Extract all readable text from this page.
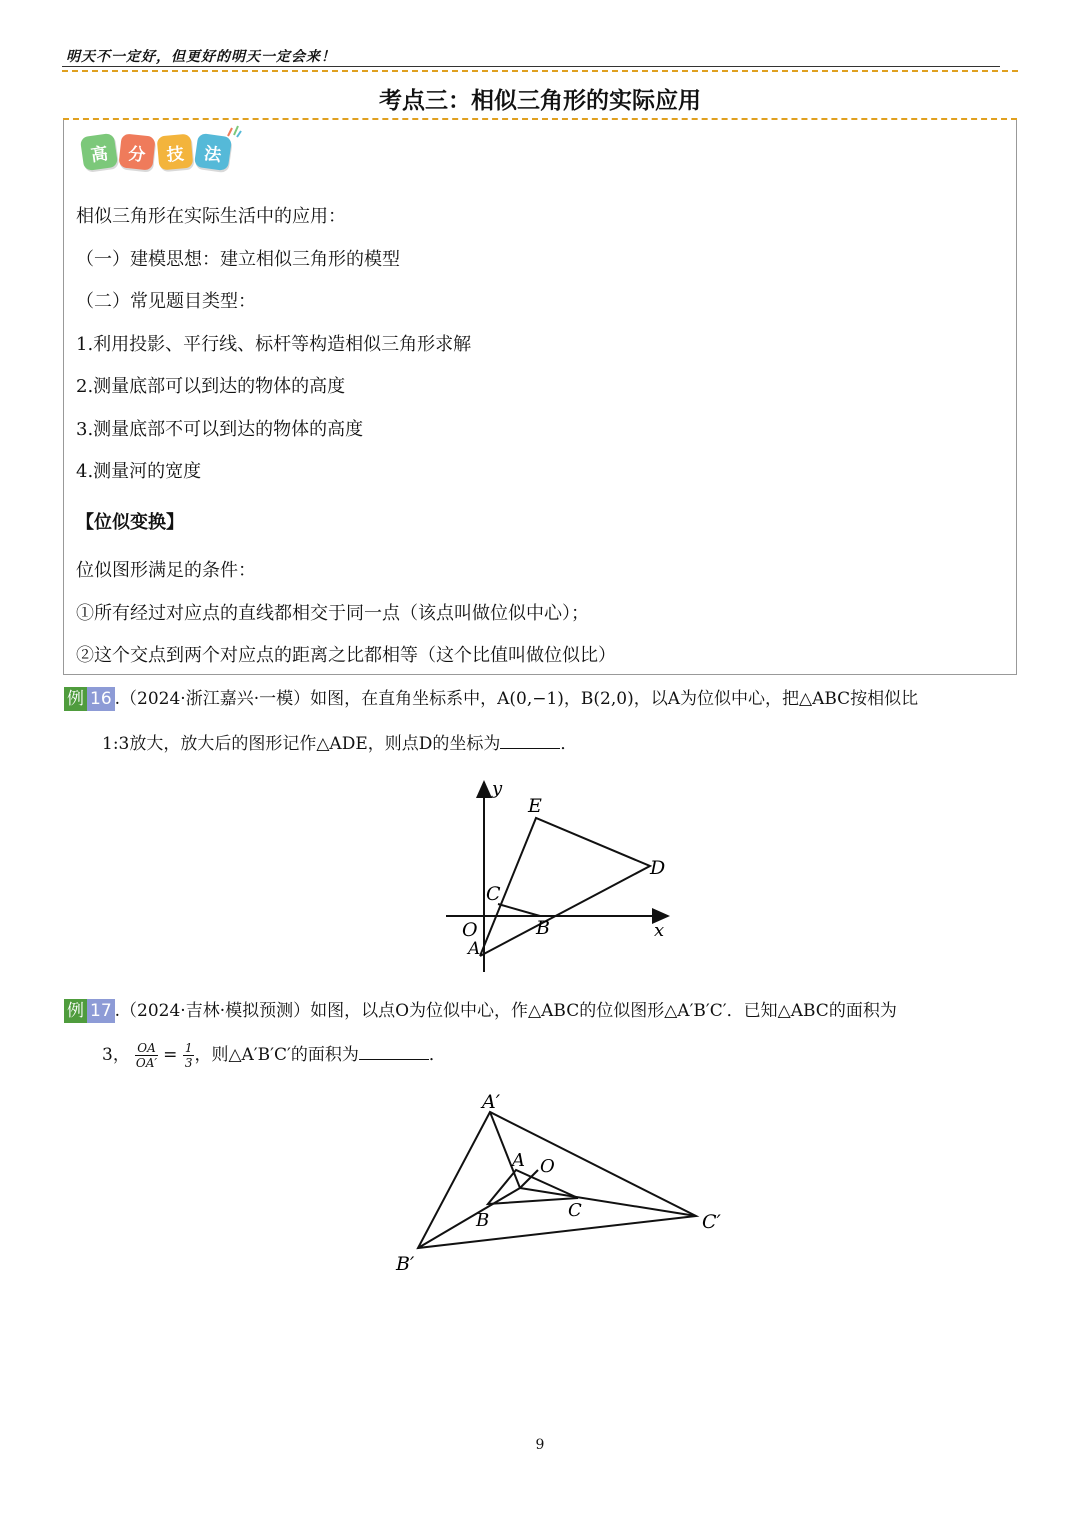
明天不一定好，但更好的明天一定会来！
考点三：相似三角形的实际应用
高	分	技	法
相似三角形在实际生活中的应用：
（一）建模思想：建立相似三角形的模型
（二）常见题目类型：
1.利用投影、平行线、标杆等构造相似三角形求解
2.测量底部可以到达的物体的高度
3.测量底部不可以到达的物体的高度
4.测量河的宽度
【位似变换】
位似图形满足的条件：
①所有经过对应点的直线都相交于同一点（该点叫做位似中心）；
②这个交点到两个对应点的距离之比都相等（这个比值叫做位似比）
例 16 .（2024·浙江嘉兴·一模）如图，在直角坐标系中，A(0,−1)，B(2,0)，以A为位似中心，把△ABC按相似比
1:3放大，放大后的图形记作△ADE，则点D的坐标为	．
y
x
E
D
C
O	B
A
例 17 .（2024·吉林·模拟预测）如图，以点O为位似中心，作△ABC的位似图形△A′B′C′．已知△ABC的面积为
3， $\frac{OA}{OA'} = \frac{1}{3}$ ，则△A′B′C′的面积为	．
A′
A O
B	C
C′
B′
9
